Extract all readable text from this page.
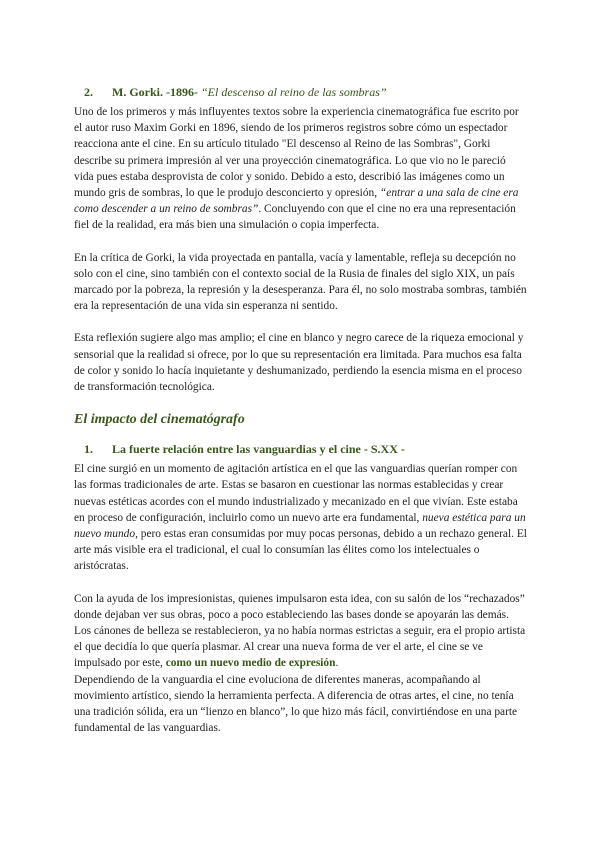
2. M. Gorki. -1896- “El descenso al reino de las sombras”

Uno de los primeros y más influyentes textos sobre la experiencia cinematográfica fue escrito por el autor ruso Maxim Gorki en 1896, siendo de los primeros registros sobre cómo un espectador reacciona ante el cine. En su artículo titulado "El descenso al Reino de las Sombras", Gorki describe su primera impresión al ver una proyección cinematográfica. Lo que vio no le pareció vida pues estaba desprovista de color y sonido. Debido a esto, describió las imágenes como un mundo gris de sombras, lo que le produjo desconcierto y opresión, “entrar a una sala de cine era como descender a un reino de sombras”. Concluyendo con que el cine no era una representación fiel de la realidad, era más bien una simulación o copia imperfecta.

En la crítica de Gorki, la vida proyectada en pantalla, vacía y lamentable, refleja su decepción no solo con el cine, sino también con el contexto social de la Rusia de finales del siglo XIX, un país marcado por la pobreza, la represión y la desesperanza. Para él, no solo mostraba sombras, también era la representación de una vida sin esperanza ni sentido.

Esta reflexión sugiere algo mas amplio; el cine en blanco y negro carece de la riqueza emocional y sensorial que la realidad si ofrece, por lo que su representación era limitada. Para muchos esa falta de color y sonido lo hacía inquietante y deshumanizado, perdiendo la esencia misma en el proceso de transformación tecnológica.

El impacto del cinematógrafo
1. La fuerte relación entre las vanguardias y el cine - S.XX -

El cine surgió en un momento de agitación artística en el que las vanguardias querían romper con las formas tradicionales de arte. Estas se basaron en cuestionar las normas establecidas y crear nuevas estéticas acordes con el mundo industrializado y mecanizado en el que vivían. Este estaba en proceso de configuración, incluirlo como un nuevo arte era fundamental, nueva estética para un nuevo mundo, pero estas eran consumidas por muy pocas personas, debido a un rechazo general. El arte más visible era el tradicional, el cual lo consumían las élites como los intelectuales o aristócratas.

Con la ayuda de los impresionistas, quienes impulsaron esta idea, con su salón de los “rechazados” donde dejaban ver sus obras, poco a poco estableciendo las bases donde se apoyarán las demás. Los cánones de belleza se restablecieron, ya no había normas estrictas a seguir, era el propio artista el que decidía lo que quería plasmar. Al crear una nueva forma de ver el arte, el cine se ve impulsado por este, como un nuevo medio de expresión.

Dependiendo de la vanguardia el cine evoluciona de diferentes maneras, acompañando al movimiento artístico, siendo la herramienta perfecta. A diferencia de otras artes, el cine, no tenía una tradición sólida, era un “lienzo en blanco”, lo que hizo más fácil, convirtiéndose en una parte fundamental de las vanguardias.
